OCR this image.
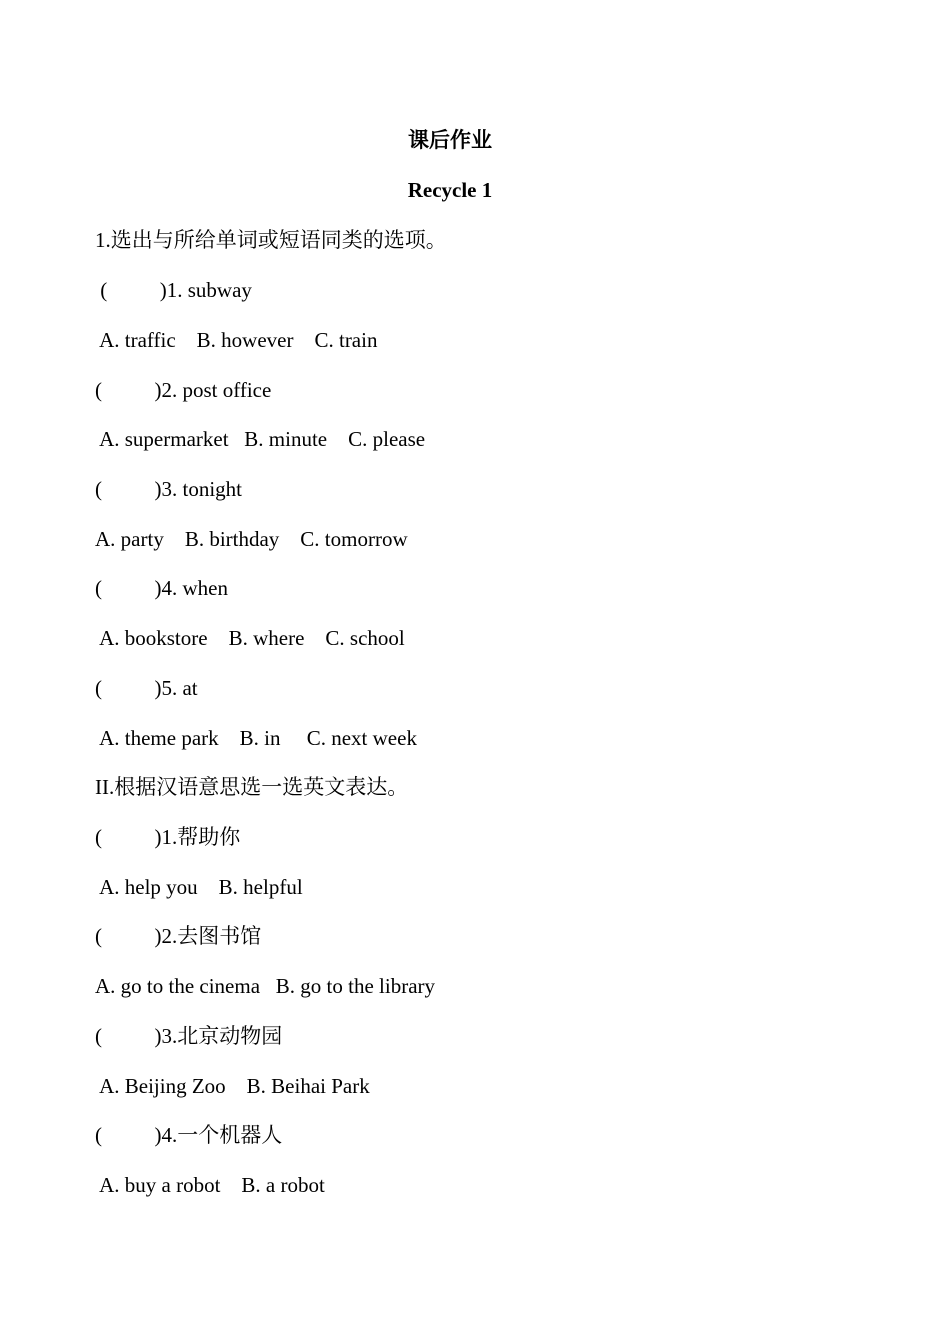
课后作业
Recycle 1
1.选出与所给单词或短语同类的选项。
(          )1. subway
A. traffic    B. however    C. train
(          )2. post office
A. supermarket   B. minute    C. please
(          )3. tonight
A. party    B. birthday    C. tomorrow
(          )4. when
A. bookstore    B. where    C. school
(          )5. at
A. theme park    B. in     C. next week
II.根据汉语意思选一选英文表达。
(          )1.帮助你
A. help you    B. helpful
(          )2.去图书馆
A. go to the cinema   B. go to the library
(          )3.北京动物园
A. Beijing Zoo    B. Beihai Park
(          )4.一个机器人
A. buy a robot    B. a robot
